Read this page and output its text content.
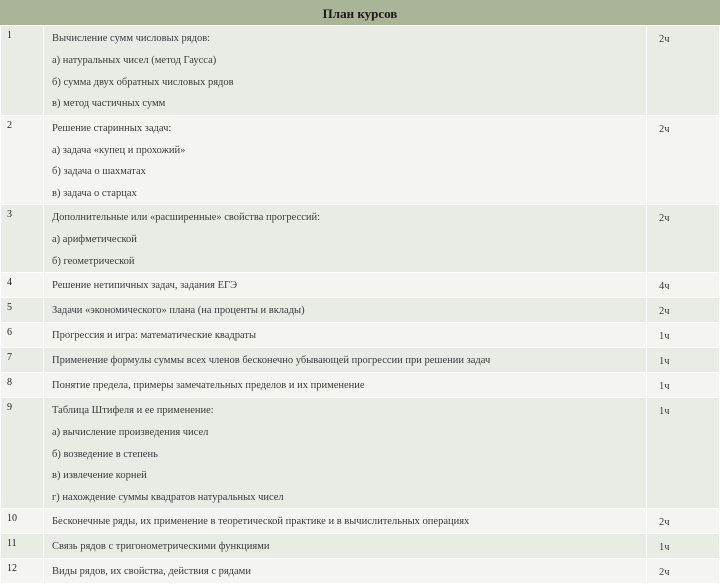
План курсов
1	Вычисление сумм числовых рядов:
а) натуральных чисел (метод Гаусса)
б) сумма двух обратных числовых рядов
в) метод частичных сумм	2ч
2	Решение старинных задач:
а) задача «купец и прохожий»
б) задача о шахматах
в) задача о старцах	2ч
3	Дополнительные или «расширенные» свойства прогрессий:
а) арифметической
б) геометрической	2ч
4	Решение нетипичных задач, задания ЕГЭ	4ч
5	Задачи «экономического» плана (на проценты и вклады)	2ч
6	Прогрессия и игра: математические квадраты	1ч
7	Применение формулы суммы всех членов бесконечно убывающей прогрессии при решении задач	1ч
8	Понятие предела, примеры замечательных пределов и их применение	1ч
9	Таблица Штифеля и ее применение:
а) вычисление произведения чисел
б) возведение в степень
в) извлечение корней
г) нахождение суммы квадратов натуральных чисел	1ч
10	Бесконечные ряды, их применение в теоретической практике и в вычислительных операциях	2ч
11	Связь рядов с тригонометрическими функциями	1ч
12	Виды рядов, их свойства, действия с рядами	2ч
